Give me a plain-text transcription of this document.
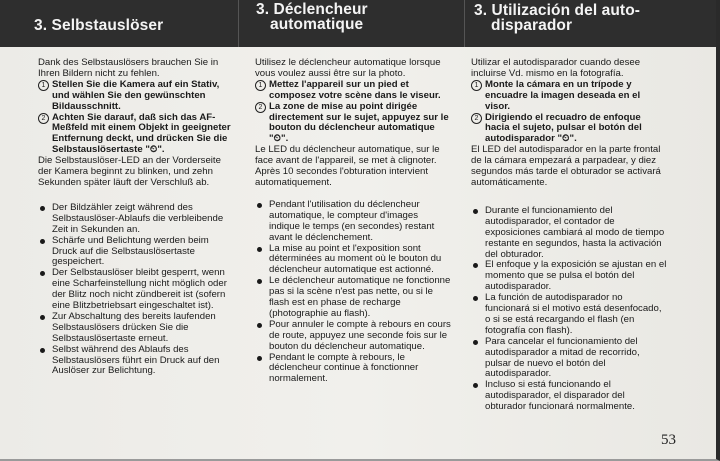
3. Selbstauslöser
3. Déclencheur
automatique
3. Utilización del auto-
disparador

Dank des Selbstauslösers brauchen Sie in Ihren Bildern nicht zu fehlen.

1 Stellen Sie die Kamera auf ein Stativ, und wählen Sie den gewünschten Bildausschnitt.
2 Achten Sie darauf, daß sich das AF-Meßfeld mit einem Objekt in geeigneter Entfernung deckt, und drücken Sie die Selbstauslösertaste "⏲".

Die Selbstauslöser-LED an der Vorderseite der Kamera beginnt zu blinken, und zehn Sekunden später läuft der Verschluß ab.

Der Bildzähler zeigt während des Selbstauslöser-Ablaufs die verbleibende Zeit in Sekunden an.
Schärfe und Belichtung werden beim Druck auf die Selbstauslösertaste gespeichert.
Der Selbstauslöser bleibt gesperrt, wenn eine Scharfeinstellung nicht möglich oder der Blitz noch nicht zündbereit ist (sofern eine Blitzbetriebsart eingeschaltet ist).
Zur Abschaltung des bereits laufenden Selbstauslösers drücken Sie die Selbstauslösertaste erneut.
Selbst während des Ablaufs des Selbstauslösers führt ein Druck auf den Auslöser zur Belichtung.

Utilisez le déclencheur automatique lorsque vous voulez aussi être sur la photo.

1 Mettez l'appareil sur un pied et composez votre scène dans le viseur.
2 La zone de mise au point dirigée directement sur le sujet, appuyez sur le bouton du déclencheur automatique "⏲".

Le LED du déclencheur automatique, sur le face avant de l'appareil, se met à clignoter. Après 10 secondes l'obturation intervient automatiquement.

Pendant l'utilisation du déclencheur automatique, le compteur d'images indique le temps (en secondes) restant avant le déclenchement.
La mise au point et l'exposition sont déterminées au moment où le bouton du déclencheur automatique est actionné.
Le déclencheur automatique ne fonctionne pas si la scène n'est pas nette, ou si le flash est en phase de recharge (photographie au flash).
Pour annuler le compte à rebours en cours de route, appuyez une seconde fois sur le bouton du déclencheur automatique.
Pendant le compte à rebours, le déclencheur continue à fonctionner normalement.

Utilizar el autodisparador cuando desee incluirse Vd. mismo en la fotografía.

1 Monte la cámara en un trípode y encuadre la imagen deseada en el visor.
2 Dirigiendo el recuadro de enfoque hacia el sujeto, pulsar el botón del autodisparador "⏲".

El LED del autodisparador en la parte frontal de la cámara empezará a parpadear, y diez segundos más tarde el obturador se activará automáticamente.

Durante el funcionamiento del autodisparador, el contador de exposiciones cambiará al modo de tiempo restante en segundos, hasta la activación del obturador.
El enfoque y la exposición se ajustan en el momento que se pulsa el botón del autodisparador.
La función de autodisparador no funcionará si el motivo está desenfocado, o si se está recargando el flash (en fotografía con flash).
Para cancelar el funcionamiento del autodisparador a mitad de recorrido, pulsar de nuevo el botón del autodisparador.
Incluso si está funcionando el autodisparador, el disparador del obturador funcionará normalmente.
53
